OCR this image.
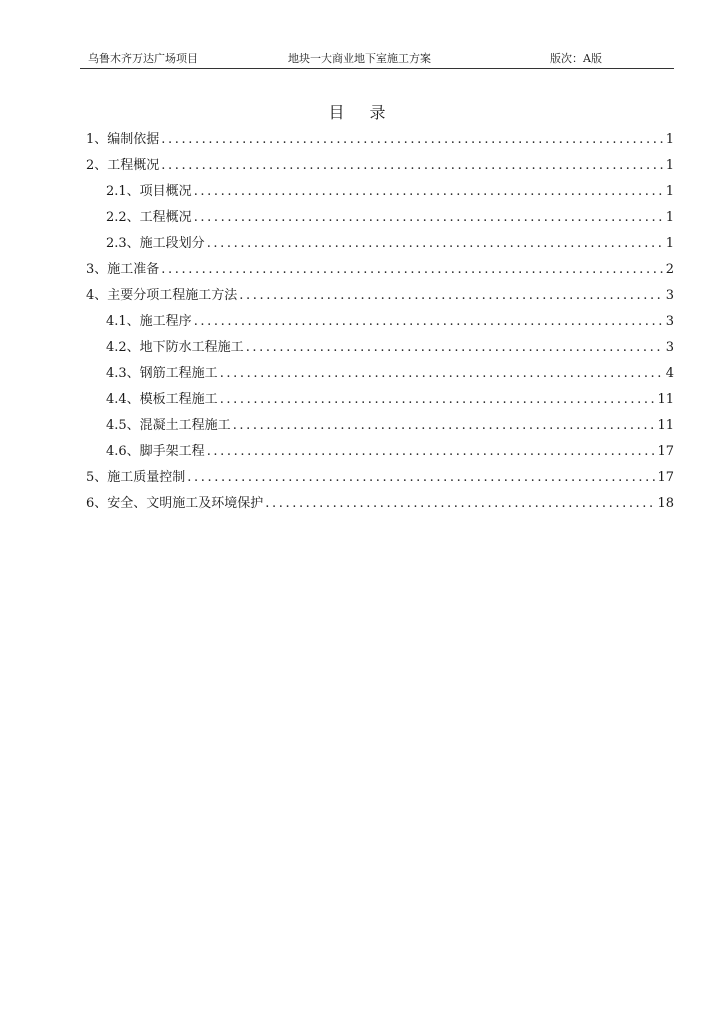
乌鲁木齐万达广场项目	地块一大商业地下室施工方案	版次：A版
目 录
1、编制依据 .....	1
2、工程概况 .....	1
2.1、项目概况 .....	1
2.2、工程概况 .....	1
2.3、施工段划分 .....	1
3、施工准备 .....	2
4、主要分项工程施工方法 .....	3
4.1、施工程序 .....	3
4.2、地下防水工程施工 .....	3
4.3、钢筋工程施工 .....	4
4.4、模板工程施工 .....	11
4.5、混凝土工程施工 .....	11
4.6、脚手架工程 .....	17
5、施工质量控制 .....	17
6、安全、文明施工及环境保护 .....	18
